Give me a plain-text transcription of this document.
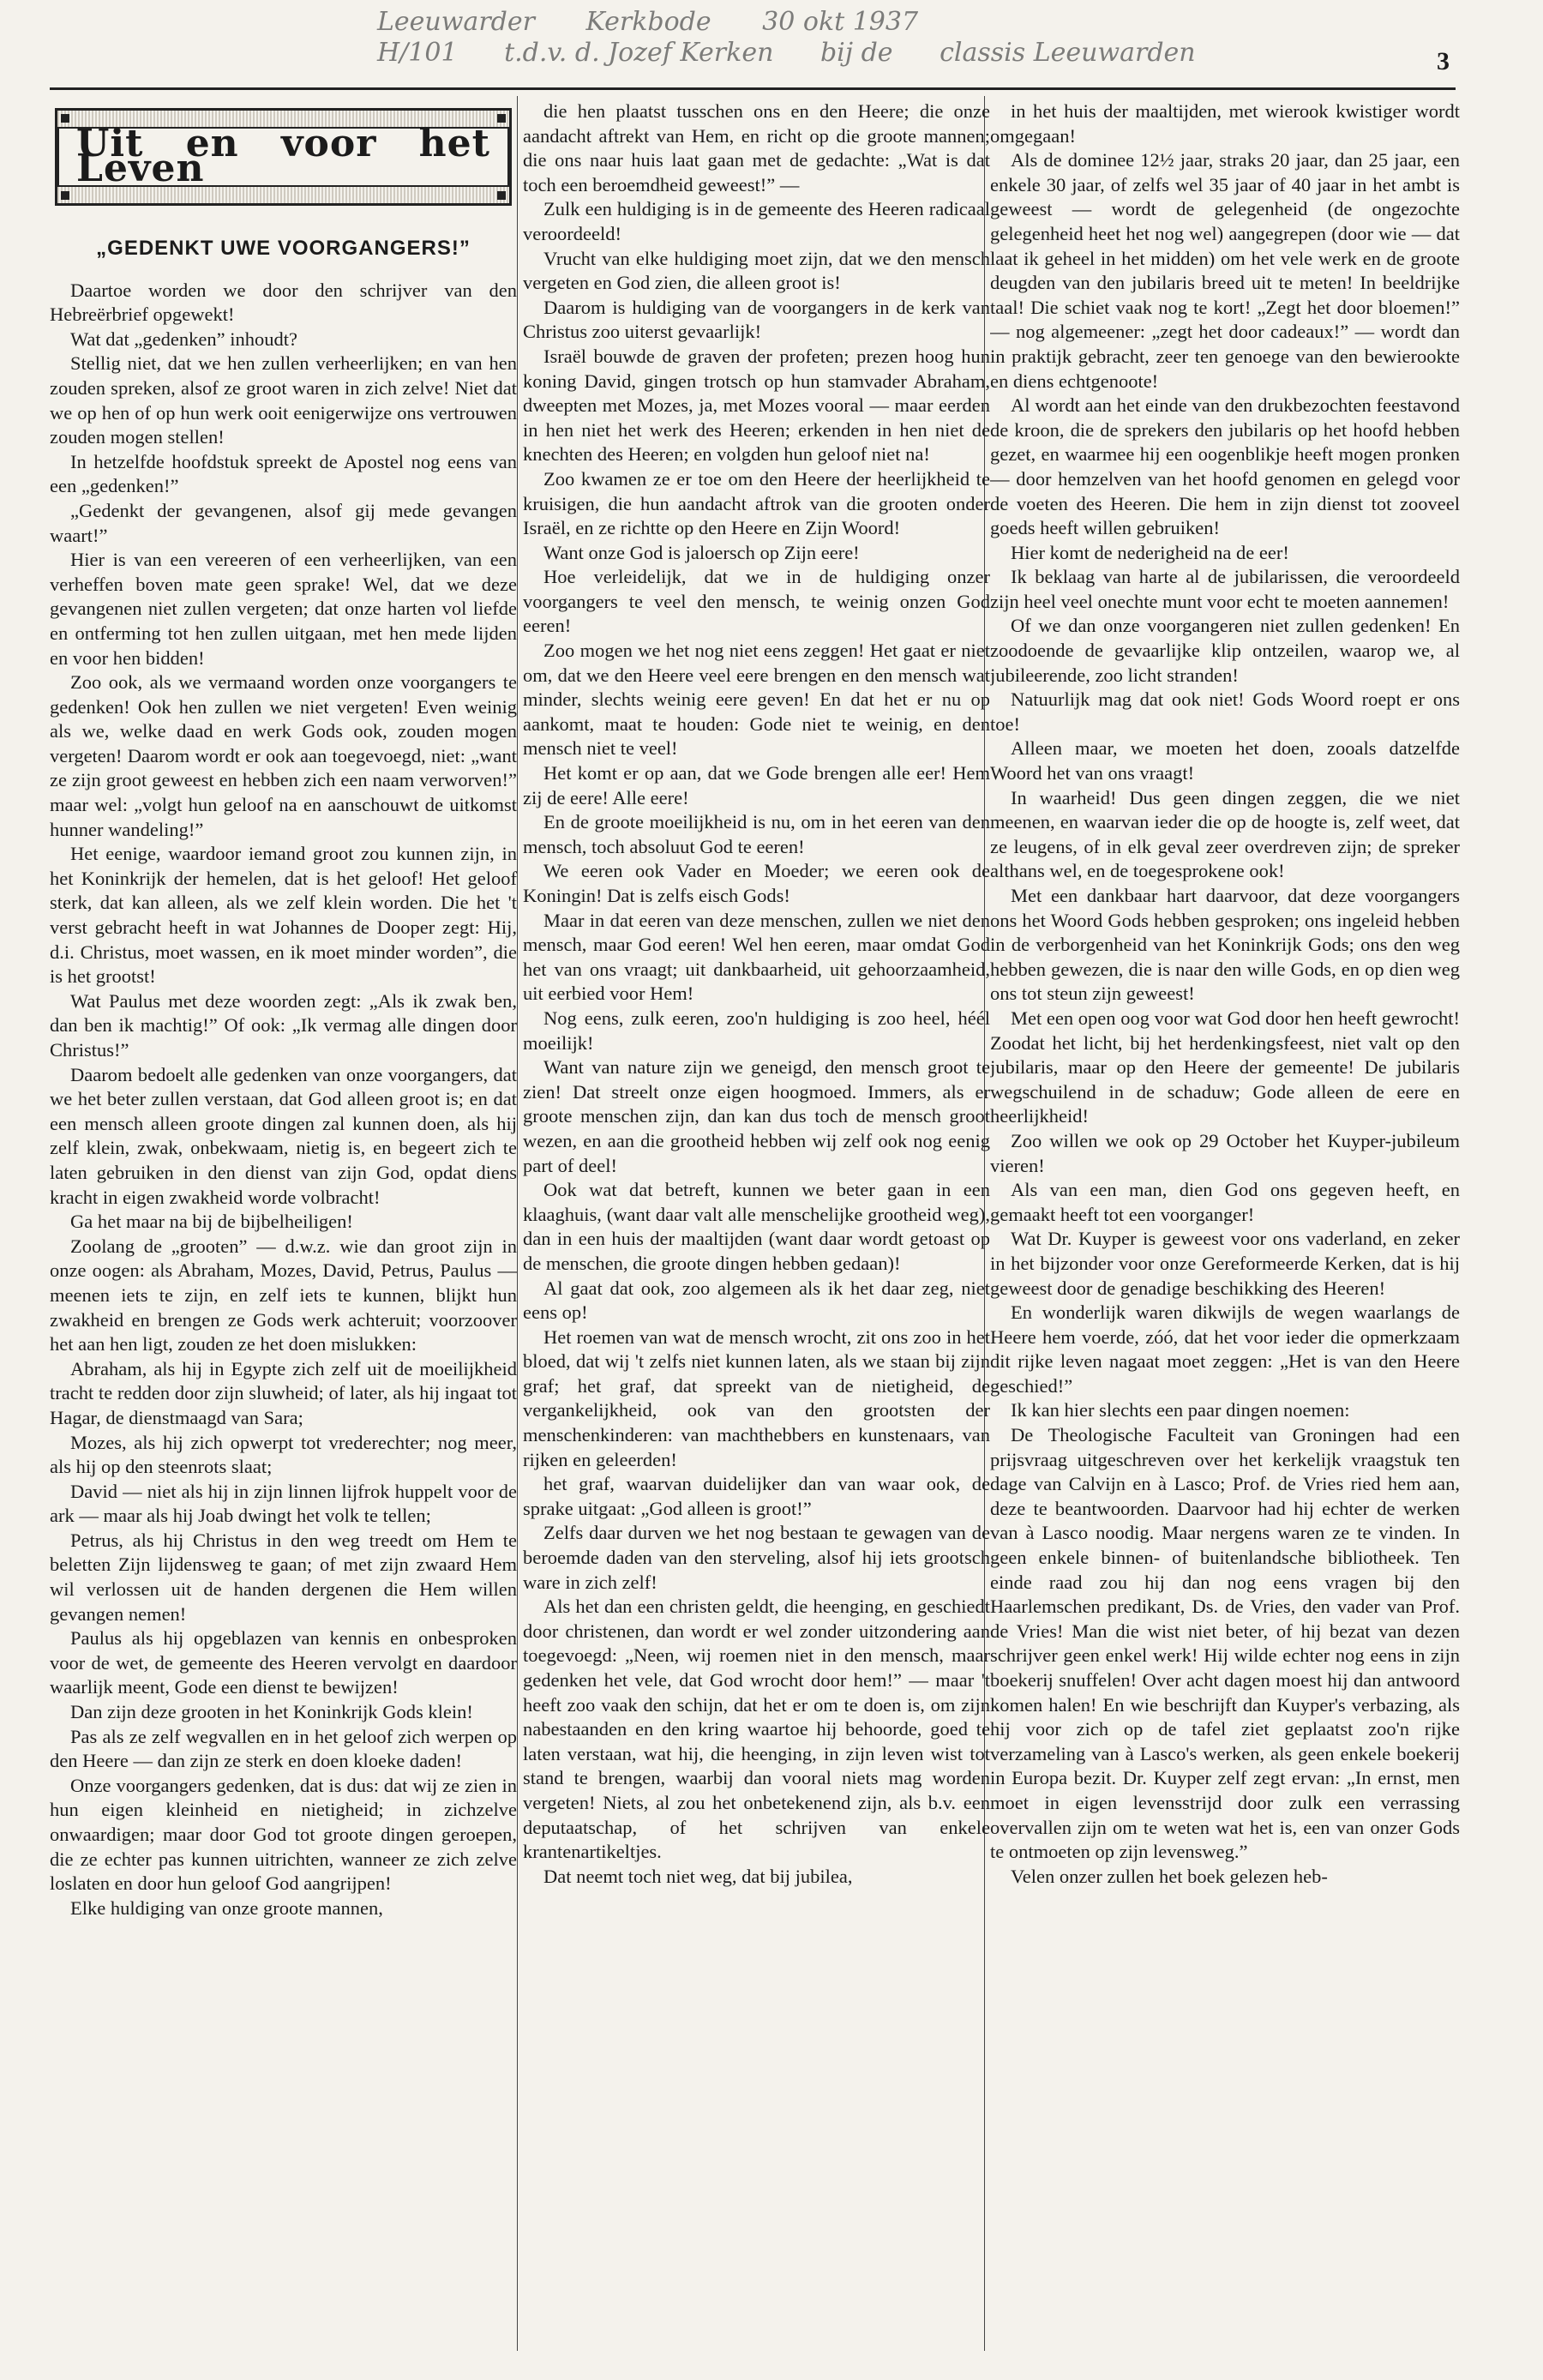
Leeuwarder Kerkbode 30 okt 1937
H/101 t.d.v. d. Jozef Kerken bij de classis Leeuwarden	3
Uit en voor het Leven
„GEDENKT UWE VOORGANGERS!”

Daartoe worden we door den schrijver van den Hebreërbrief opgewekt!

Wat dat „gedenken” inhoudt?

Stellig niet, dat we hen zullen verheerlijken; en van hen zouden spreken, alsof ze groot waren in zich zelve! Niet dat we op hen of op hun werk ooit eenigerwijze ons vertrouwen zouden mogen stellen!

In hetzelfde hoofdstuk spreekt de Apostel nog eens van een „gedenken!”

„Gedenkt der gevangenen, alsof gij mede gevangen waart!”

Hier is van een vereeren of een verheerlijken, van een verheffen boven mate geen sprake! Wel, dat we deze gevangenen niet zullen vergeten; dat onze harten vol liefde en ontferming tot hen zullen uitgaan, met hen mede lijden en voor hen bidden!

Zoo ook, als we vermaand worden onze voorgangers te gedenken! Ook hen zullen we niet vergeten! Even weinig als we, welke daad en werk Gods ook, zouden mogen vergeten! Daarom wordt er ook aan toegevoegd, niet: „want ze zijn groot geweest en hebben zich een naam verworven!” maar wel: „volgt hun geloof na en aanschouwt de uitkomst hunner wandeling!”

Het eenige, waardoor iemand groot zou kunnen zijn, in het Koninkrijk der hemelen, dat is het geloof! Het geloof sterk, dat kan alleen, als we zelf klein worden. Die het 't verst gebracht heeft in wat Johannes de Dooper zegt: Hij, d.i. Christus, moet wassen, en ik moet minder worden”, die is het grootst!

Wat Paulus met deze woorden zegt: „Als ik zwak ben, dan ben ik machtig!” Of ook: „Ik vermag alle dingen door Christus!”

Daarom bedoelt alle gedenken van onze voorgangers, dat we het beter zullen verstaan, dat God alleen groot is; en dat een mensch alleen groote dingen zal kunnen doen, als hij zelf klein, zwak, onbekwaam, nietig is, en begeert zich te laten gebruiken in den dienst van zijn God, opdat diens kracht in eigen zwakheid worde volbracht!

Ga het maar na bij de bijbelheiligen!

Zoolang de „grooten” — d.w.z. wie dan groot zijn in onze oogen: als Abraham, Mozes, David, Petrus, Paulus — meenen iets te zijn, en zelf iets te kunnen, blijkt hun zwakheid en brengen ze Gods werk achteruit; voorzoover het aan hen ligt, zouden ze het doen mislukken:

Abraham, als hij in Egypte zich zelf uit de moeilijkheid tracht te redden door zijn sluwheid; of later, als hij ingaat tot Hagar, de dienstmaagd van Sara;

Mozes, als hij zich opwerpt tot vrederechter; nog meer, als hij op den steenrots slaat;

David — niet als hij in zijn linnen lijfrok huppelt voor de ark — maar als hij Joab dwingt het volk te tellen;

Petrus, als hij Christus in den weg treedt om Hem te beletten Zijn lijdensweg te gaan; of met zijn zwaard Hem wil verlossen uit de handen dergenen die Hem willen gevangen nemen!

Paulus als hij opgeblazen van kennis en onbesproken voor de wet, de gemeente des Heeren vervolgt en daardoor waarlijk meent, Gode een dienst te bewijzen!

Dan zijn deze grooten in het Koninkrijk Gods klein!

Pas als ze zelf wegvallen en in het geloof zich werpen op den Heere — dan zijn ze sterk en doen kloeke daden!

Onze voorgangers gedenken, dat is dus: dat wij ze zien in hun eigen kleinheid en nietigheid; in zichzelve onwaardigen; maar door God tot groote dingen geroepen, die ze echter pas kunnen uitrichten, wanneer ze zich zelve loslaten en door hun geloof God aangrijpen!

Elke huldiging van onze groote mannen,

die hen plaatst tusschen ons en den Heere; die onze aandacht aftrekt van Hem, en richt op die groote mannen; die ons naar huis laat gaan met de gedachte: „Wat is dat toch een beroemdheid geweest!” —

Zulk een huldiging is in de gemeente des Heeren radicaal veroordeeld!

Vrucht van elke huldiging moet zijn, dat we den mensch vergeten en God zien, die alleen groot is!

Daarom is huldiging van de voorgangers in de kerk van Christus zoo uiterst gevaarlijk!

Israël bouwde de graven der profeten; prezen hoog hun koning David, gingen trotsch op hun stamvader Abraham, dweepten met Mozes, ja, met Mozes vooral — maar eerden in hen niet het werk des Heeren; erkenden in hen niet de knechten des Heeren; en volgden hun geloof niet na!

Zoo kwamen ze er toe om den Heere der heerlijkheid te kruisigen, die hun aandacht aftrok van die grooten onder Israël, en ze richtte op den Heere en Zijn Woord!

Want onze God is jaloersch op Zijn eere!

Hoe verleidelijk, dat we in de huldiging onzer voorgangers te veel den mensch, te weinig onzen God eeren!

Zoo mogen we het nog niet eens zeggen! Het gaat er niet om, dat we den Heere veel eere brengen en den mensch wat minder, slechts weinig eere geven! En dat het er nu op aankomt, maat te houden: Gode niet te weinig, en den mensch niet te veel!

Het komt er op aan, dat we Gode brengen alle eer! Hem zij de eere! Alle eere!

En de groote moeilijkheid is nu, om in het eeren van den mensch, toch absoluut God te eeren!

We eeren ook Vader en Moeder; we eeren ook de Koningin! Dat is zelfs eisch Gods!

Maar in dat eeren van deze menschen, zullen we niet den mensch, maar God eeren! Wel hen eeren, maar omdat God het van ons vraagt; uit dankbaarheid, uit gehoorzaamheid, uit eerbied voor Hem!

Nog eens, zulk eeren, zoo'n huldiging is zoo heel, héél moeilijk!

Want van nature zijn we geneigd, den mensch groot te zien! Dat streelt onze eigen hoogmoed. Immers, als er groote menschen zijn, dan kan dus toch de mensch groot wezen, en aan die grootheid hebben wij zelf ook nog eenig part of deel!

Ook wat dat betreft, kunnen we beter gaan in een klaaghuis, (want daar valt alle menschelijke grootheid weg), dan in een huis der maaltijden (want daar wordt getoast op de menschen, die groote dingen hebben gedaan)!

Al gaat dat ook, zoo algemeen als ik het daar zeg, niet eens op!

Het roemen van wat de mensch wrocht, zit ons zoo in het bloed, dat wij 't zelfs niet kunnen laten, als we staan bij zijn graf; het graf, dat spreekt van de nietigheid, de vergankelijkheid, ook van den grootsten der menschenkinderen: van machthebbers en kunstenaars, van rijken en geleerden!

het graf, waarvan duidelijker dan van waar ook, de sprake uitgaat: „God alleen is groot!”

Zelfs daar durven we het nog bestaan te gewagen van de beroemde daden van den sterveling, alsof hij iets grootsch ware in zich zelf!

Als het dan een christen geldt, die heenging, en geschiedt door christenen, dan wordt er wel zonder uitzondering aan toegevoegd: „Neen, wij roemen niet in den mensch, maar gedenken het vele, dat God wrocht door hem!” — maar 't heeft zoo vaak den schijn, dat het er om te doen is, om zijn nabestaanden en den kring waartoe hij behoorde, goed te laten verstaan, wat hij, die heenging, in zijn leven wist tot stand te brengen, waarbij dan vooral niets mag worden vergeten! Niets, al zou het onbetekenend zijn, als b.v. een deputaatschap, of het schrijven van enkele krantenartikeltjes.

Dat neemt toch niet weg, dat bij jubilea,

in het huis der maaltijden, met wierook kwistiger wordt omgegaan!

Als de dominee 12½ jaar, straks 20 jaar, dan 25 jaar, een enkele 30 jaar, of zelfs wel 35 jaar of 40 jaar in het ambt is geweest — wordt de gelegenheid (de ongezochte gelegenheid heet het nog wel) aangegrepen (door wie — dat laat ik geheel in het midden) om het vele werk en de groote deugden van den jubilaris breed uit te meten! In beeldrijke taal! Die schiet vaak nog te kort! „Zegt het door bloemen!” — nog algemeener: „zegt het door cadeaux!” — wordt dan in praktijk gebracht, zeer ten genoege van den bewierookte en diens echtgenoote!

Al wordt aan het einde van den drukbezochten feestavond de kroon, die de sprekers den jubilaris op het hoofd hebben gezet, en waarmee hij een oogenblikje heeft mogen pronken — door hemzelven van het hoofd genomen en gelegd voor de voeten des Heeren. Die hem in zijn dienst tot zooveel goeds heeft willen gebruiken!

Hier komt de nederigheid na de eer!

Ik beklaag van harte al de jubilarissen, die veroordeeld zijn heel veel onechte munt voor echt te moeten aannemen!

Of we dan onze voorgangeren niet zullen gedenken! En zoodoende de gevaarlijke klip ontzeilen, waarop we, al jubileerende, zoo licht stranden!

Natuurlijk mag dat ook niet! Gods Woord roept er ons toe!

Alleen maar, we moeten het doen, zooals datzelfde Woord het van ons vraagt!

In waarheid! Dus geen dingen zeggen, die we niet meenen, en waarvan ieder die op de hoogte is, zelf weet, dat ze leugens, of in elk geval zeer overdreven zijn; de spreker althans wel, en de toegesprokene ook!

Met een dankbaar hart daarvoor, dat deze voorgangers ons het Woord Gods hebben gesproken; ons ingeleid hebben in de verborgenheid van het Koninkrijk Gods; ons den weg hebben gewezen, die is naar den wille Gods, en op dien weg ons tot steun zijn geweest!

Met een open oog voor wat God door hen heeft gewrocht! Zoodat het licht, bij het herdenkingsfeest, niet valt op den jubilaris, maar op den Heere der gemeente! De jubilaris wegschuilend in de schaduw; Gode alleen de eere en heerlijkheid!

Zoo willen we ook op 29 October het Kuyper-jubileum vieren!

Als van een man, dien God ons gegeven heeft, en gemaakt heeft tot een voorganger!

Wat Dr. Kuyper is geweest voor ons vaderland, en zeker in het bijzonder voor onze Gereformeerde Kerken, dat is hij geweest door de genadige beschikking des Heeren!

En wonderlijk waren dikwijls de wegen waarlangs de Heere hem voerde, zóó, dat het voor ieder die opmerkzaam dit rijke leven nagaat moet zeggen: „Het is van den Heere geschied!”

Ik kan hier slechts een paar dingen noemen:

De Theologische Faculteit van Groningen had een prijsvraag uitgeschreven over het kerkelijk vraagstuk ten dage van Calvijn en à Lasco; Prof. de Vries ried hem aan, deze te beantwoorden. Daarvoor had hij echter de werken van à Lasco noodig. Maar nergens waren ze te vinden. In geen enkele binnen- of buitenlandsche bibliotheek. Ten einde raad zou hij dan nog eens vragen bij den Haarlemschen predikant, Ds. de Vries, den vader van Prof. de Vries! Man die wist niet beter, of hij bezat van dezen schrijver geen enkel werk! Hij wilde echter nog eens in zijn boekerij snuffelen! Over acht dagen moest hij dan antwoord komen halen! En wie beschrijft dan Kuyper's verbazing, als hij voor zich op de tafel ziet geplaatst zoo'n rijke verzameling van à Lasco's werken, als geen enkele boekerij in Europa bezit. Dr. Kuyper zelf zegt ervan: „In ernst, men moet in eigen levensstrijd door zulk een verrassing overvallen zijn om te weten wat het is, een van onzer Gods te ontmoeten op zijn levensweg.”

Velen onzer zullen het boek gelezen heb-
